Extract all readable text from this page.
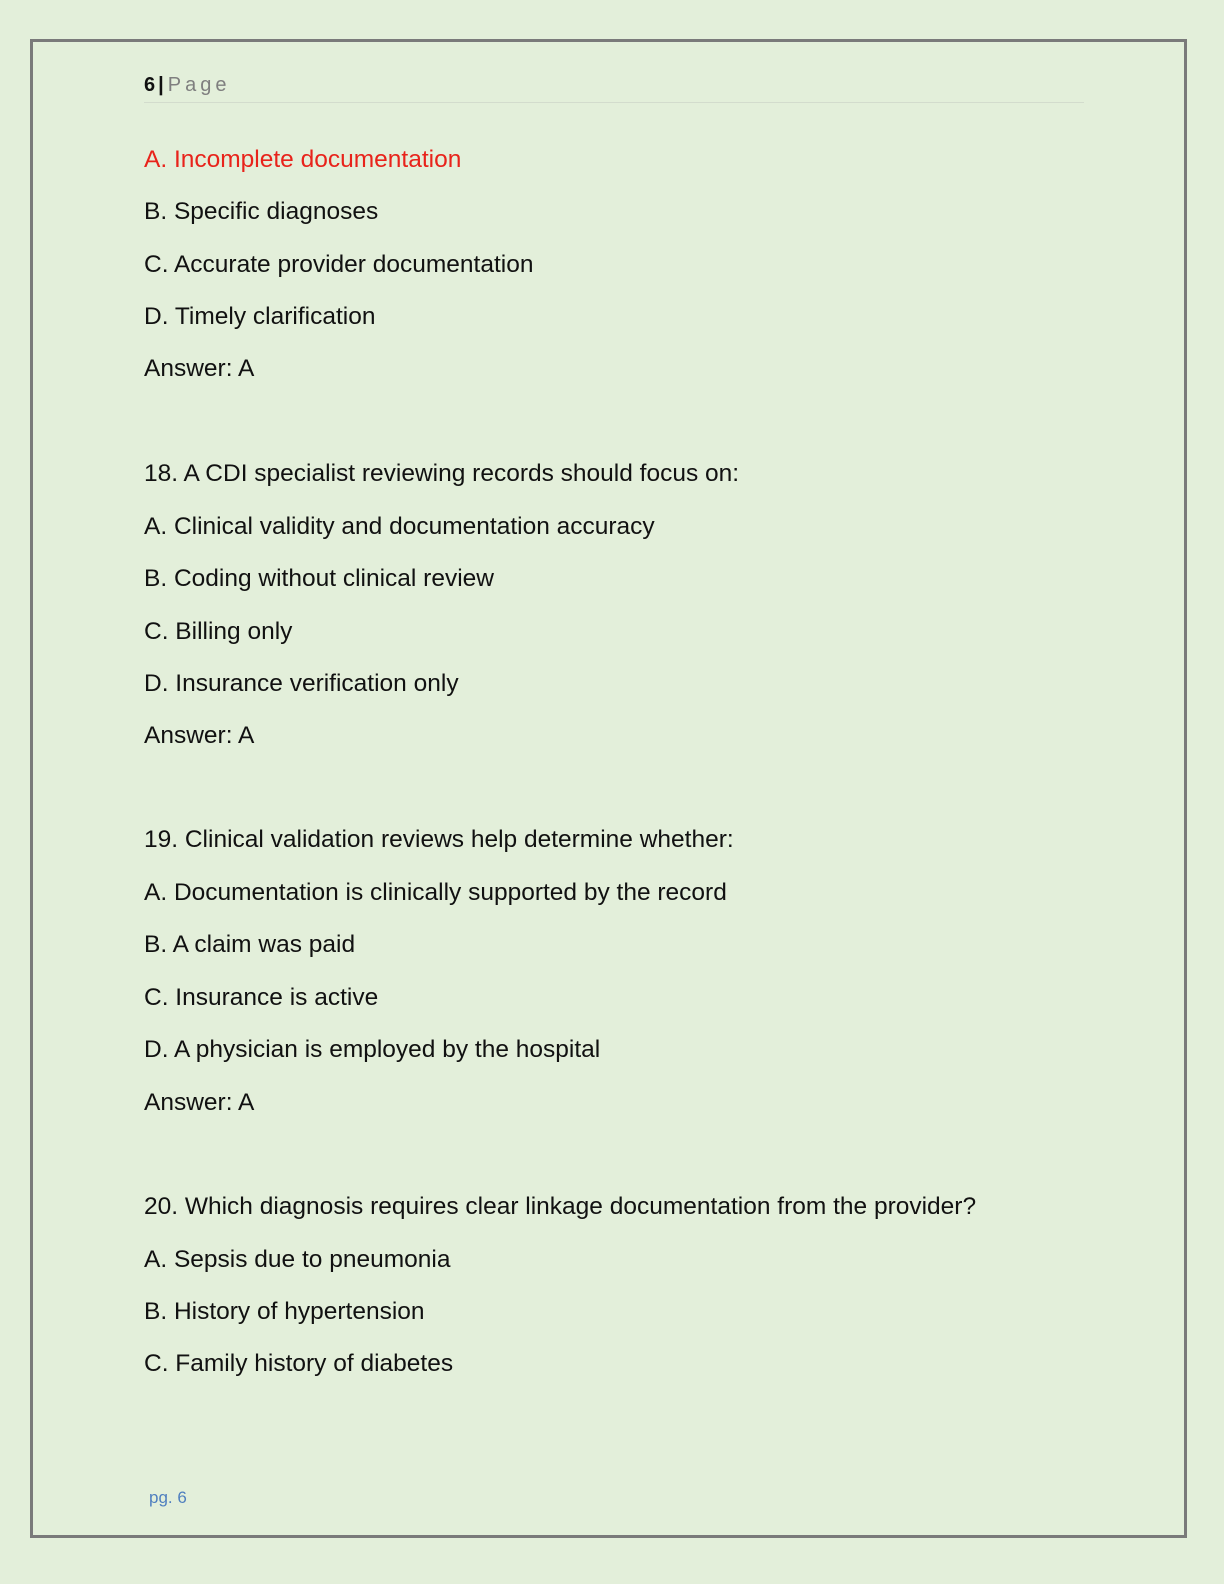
6 | Page
A. Incomplete documentation
B. Specific diagnoses
C. Accurate provider documentation
D. Timely clarification
Answer: A
18. A CDI specialist reviewing records should focus on:
A. Clinical validity and documentation accuracy
B. Coding without clinical review
C. Billing only
D. Insurance verification only
Answer: A
19. Clinical validation reviews help determine whether:
A. Documentation is clinically supported by the record
B. A claim was paid
C. Insurance is active
D. A physician is employed by the hospital
Answer: A
20. Which diagnosis requires clear linkage documentation from the provider?
A. Sepsis due to pneumonia
B. History of hypertension
C. Family history of diabetes
pg. 6
